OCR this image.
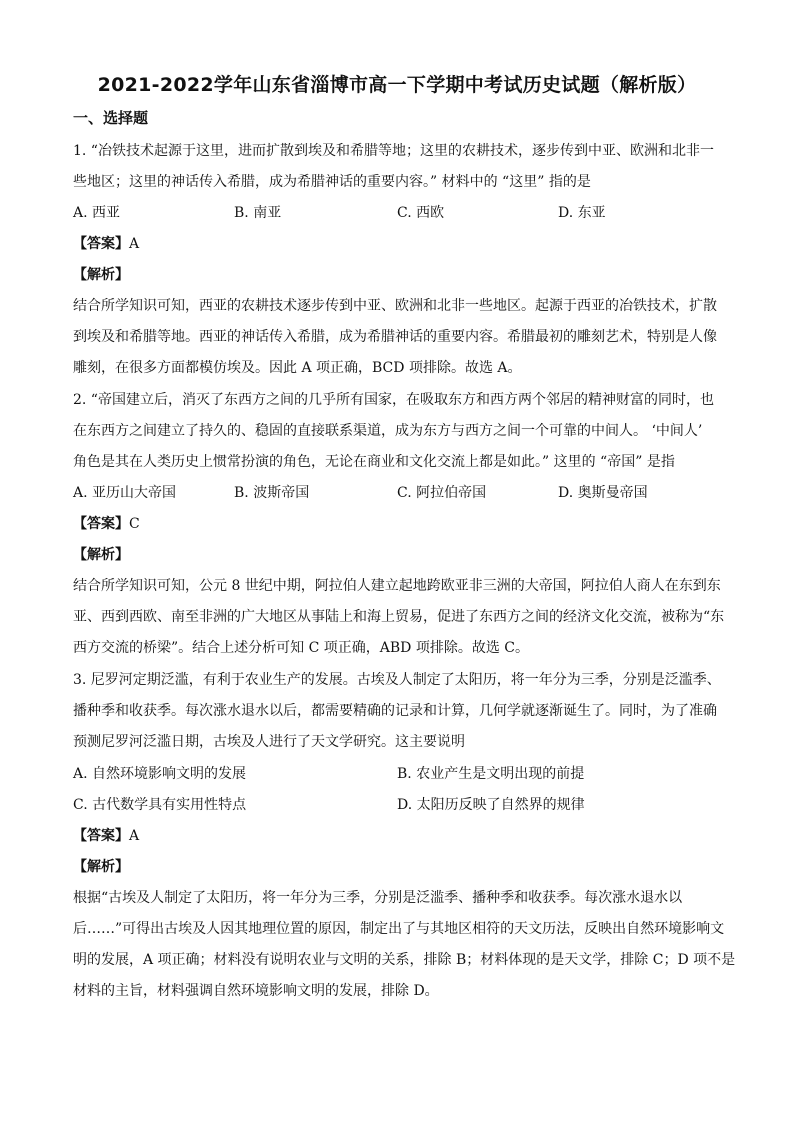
2021-2022学年山东省淄博市高一下学期中考试历史试题（解析版）
一、选择题
1. “冶铁技术起源于这里，进而扩散到埃及和希腊等地；这里的农耕技术，逐步传到中亚、欧洲和北非一
些地区；这里的神话传入希腊，成为希腊神话的重要内容。” 材料中的 “这里” 指的是
A. 西亚	B. 南亚	C. 西欧	D. 东亚
【答案】A
【解析】
结合所学知识可知，西亚的农耕技术逐步传到中亚、欧洲和北非一些地区。起源于西亚的冶铁技术，扩散
到埃及和希腊等地。西亚的神话传入希腊，成为希腊神话的重要内容。希腊最初的雕刻艺术，特别是人像
雕刻，在很多方面都模仿埃及。因此 A 项正确，BCD 项排除。故选 A。
2. “帝国建立后，消灭了东西方之间的几乎所有国家，在吸取东方和西方两个邻居的精神财富的同时，也
在东西方之间建立了持久的、稳固的直接联系渠道，成为东方与西方之间一个可靠的中间人。 ‘中间人’
角色是其在人类历史上惯常扮演的角色，无论在商业和文化交流上都是如此。” 这里的 “帝国” 是指
A. 亚历山大帝国	B. 波斯帝国	C. 阿拉伯帝国	D. 奥斯曼帝国
【答案】C
【解析】
结合所学知识可知，公元 8 世纪中期，阿拉伯人建立起地跨欧亚非三洲的大帝国，阿拉伯人商人在东到东
亚、西到西欧、南至非洲的广大地区从事陆上和海上贸易，促进了东西方之间的经济文化交流，被称为“东
西方交流的桥梁”。结合上述分析可知 C 项正确，ABD 项排除。故选 C。
3. 尼罗河定期泛滥，有利于农业生产的发展。古埃及人制定了太阳历，将一年分为三季，分别是泛滥季、
播种季和收获季。每次涨水退水以后，都需要精确的记录和计算，几何学就逐渐诞生了。同时，为了准确
预测尼罗河泛滥日期，古埃及人进行了天文学研究。这主要说明
A. 自然环境影响文明的发展	B. 农业产生是文明出现的前提
C. 古代数学具有实用性特点	D. 太阳历反映了自然界的规律
【答案】A
【解析】
根据“古埃及人制定了太阳历，将一年分为三季，分别是泛滥季、播种季和收获季。每次涨水退水以
后……”可得出古埃及人因其地理位置的原因，制定出了与其地区相符的天文历法，反映出自然环境影响文
明的发展，A 项正确；材料没有说明农业与文明的关系，排除 B；材料体现的是天文学，排除 C；D 项不是
材料的主旨，材料强调自然环境影响文明的发展，排除 D。
